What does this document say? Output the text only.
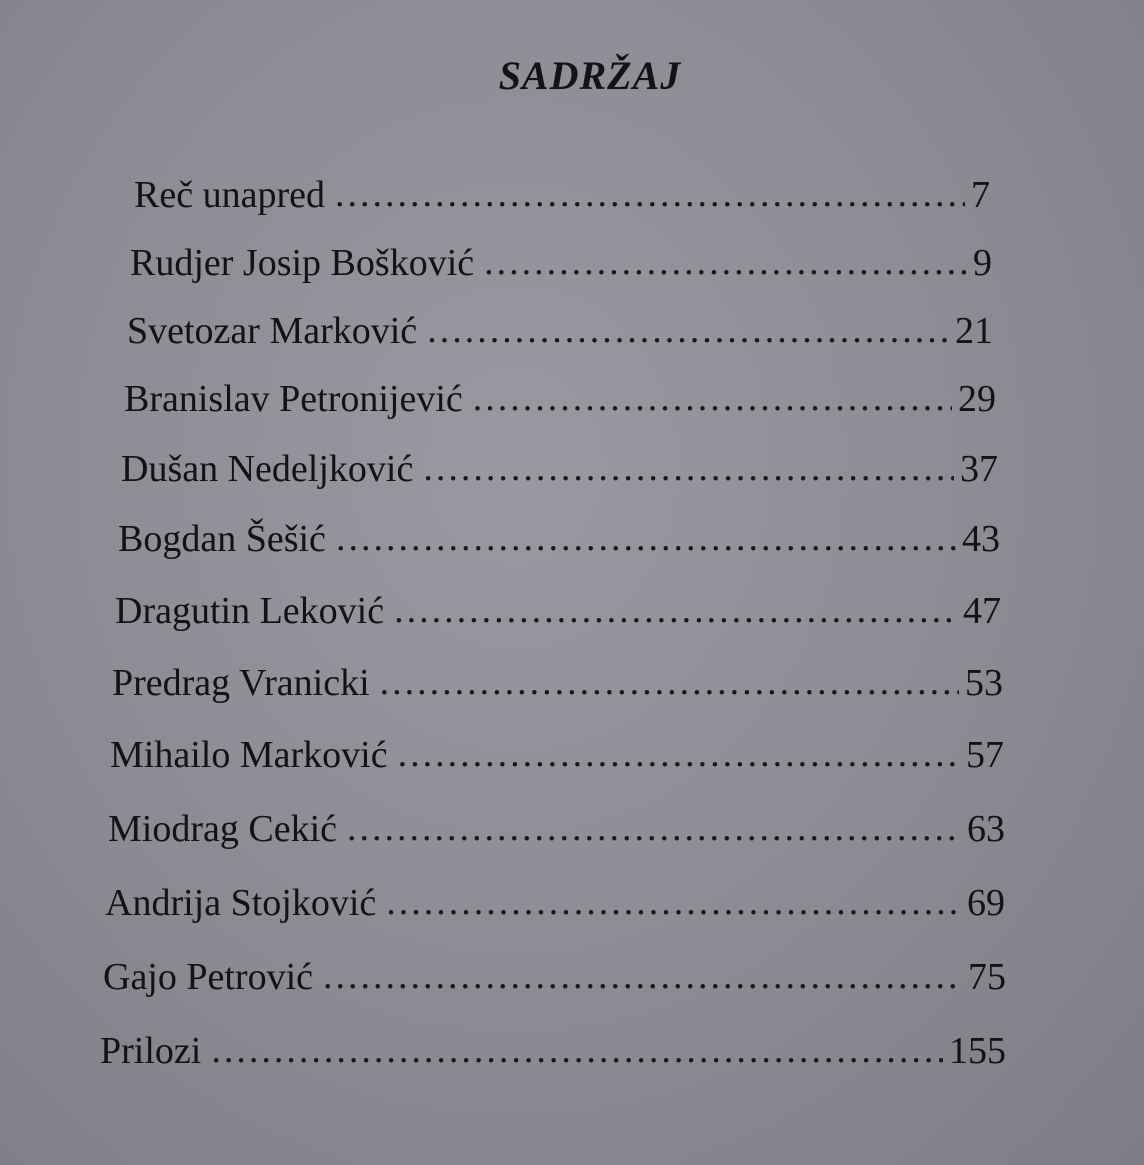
SADRŽAJ
Reč unapred .....	7
Rudjer Josip Bošković .....	9
Svetozar Marković .....	21
Branislav Petronijević .....	29
Dušan Nedeljković .....	37
Bogdan Šešić .....	43
Dragutin Leković .....	47
Predrag Vranicki .....	53
Mihailo Marković .....	57
Miodrag Cekić .....	63
Andrija Stojković .....	69
Gajo Petrović .....	75
Prilozi .....	155
